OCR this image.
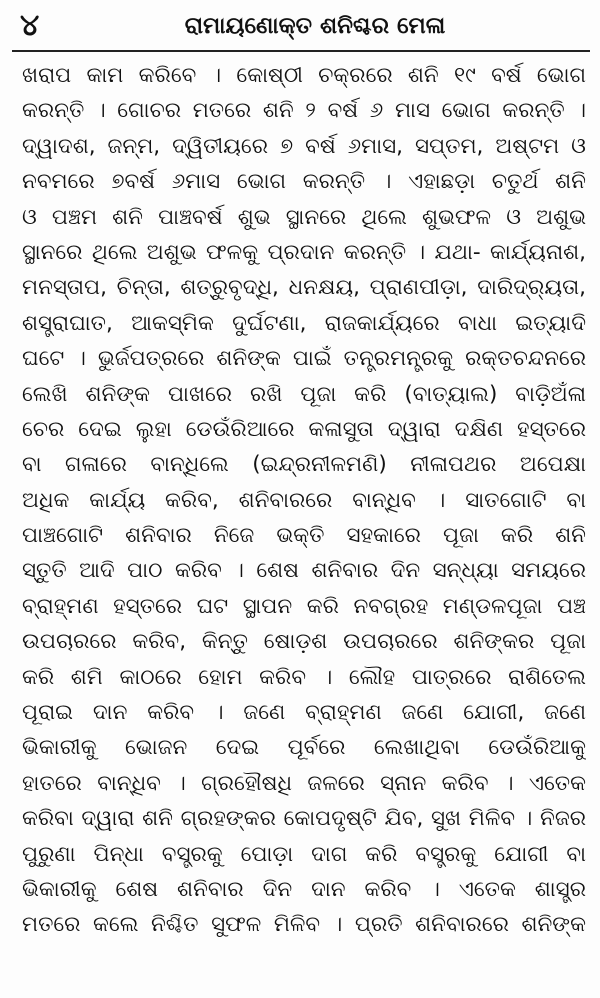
୪	ରାମାୟଣୋକ୍ତ ଶନିଶ୍ଚର ମେଳା
ଖରାପ କାମ କରିବେ । କୋଷ୍ଠୀ ଚକ୍ରରେ ଶନି ୧୯ ବର୍ଷ ଭୋଗ
କରନ୍ତି । ଗୋଚର ମତରେ ଶନି ୨ ବର୍ଷ ୬ ମାସ ଭୋଗ କରନ୍ତି ।
ଦ୍ୱାଦଶ, ଜନ୍ମ, ଦ୍ୱିତୀୟରେ ୭ ବର୍ଷ ୬ମାସ, ସପ୍ତମ, ଅଷ୍ଟମ ଓ
ନବମରେ ୭ବର୍ଷ ୬ମାସ ଭୋଗ କରନ୍ତି । ଏହାଛଡ଼ା ଚତୁର୍ଥ ଶନି
ଓ ପଞ୍ଚମ ଶନି ପାଞ୍ଚବର୍ଷ ଶୁଭ ସ୍ଥାନରେ ଥିଲେ ଶୁଭଫଳ ଓ ଅଶୁଭ
ସ୍ଥାନରେ ଥିଲେ ଅଶୁଭ ଫଳକୁ ପ୍ରଦାନ କରନ୍ତି । ଯଥା- କାର୍ଯ୍ୟନାଶ,
ମନସ୍ତାପ, ଚିନ୍ତା, ଶତ୍ରୁବୃଦ୍ଧି, ଧନକ୍ଷୟ, ପ୍ରାଣପୀଡ଼ା, ଦାରିଦ୍ର୍ୟତା,
ଶସ୍ତ୍ରାଘାତ, ଆକସ୍ମିକ ଦୁର୍ଘଟଣା, ରାଜକାର୍ଯ୍ୟରେ ବାଧା ଇତ୍ୟାଦି
ଘଟେ । ଭୁର୍ଜପତ୍ରରେ ଶନିଙ୍କ ପାଇଁ ତନ୍ତ୍ରମନ୍ତ୍ରକୁ ରକ୍ତଚନ୍ଦନରେ
ଲେଖି ଶନିଙ୍କ ପାଖରେ ରଖି ପୂଜା କରି (ବାତ୍ୟାଲ) ବାଡ଼ିଅଁଳା
ଚେର ଦେଇ ଲୁହା ଡେଉଁରିଆରେ କଳାସୁତା ଦ୍ୱାରା ଦକ୍ଷିଣ ହସ୍ତରେ
ବା ଗଳାରେ ବାନ୍ଧିଲେ (ଇନ୍ଦ୍ରନୀଳମଣି) ନୀଳାପଥର ଅପେକ୍ଷା
ଅଧିକ କାର୍ଯ୍ୟ କରିବ, ଶନିବାରରେ ବାନ୍ଧିବ । ସାତଗୋଟି ବା
ପାଞ୍ଚଗୋଟି ଶନିବାର ନିଜେ ଭକ୍ତି ସହକାରେ ପୂଜା କରି ଶନି
ସ୍ତୁତି ଆଦି ପାଠ କରିବ । ଶେଷ ଶନିବାର ଦିନ ସନ୍ଧ୍ୟା ସମୟରେ
ବ୍ରାହ୍ମଣ ହସ୍ତରେ ଘଟ ସ୍ଥାପନ କରି ନବଗ୍ରହ ମଣ୍ଡଳପୂଜା ପଞ୍ଚ
ଉପଚାରରେ କରିବ, କିନ୍ତୁ ଷୋଡ଼ଶ ଉପଚାରରେ ଶନିଙ୍କର ପୂଜା
କରି ଶମି କାଠରେ ହୋମ କରିବ । ଲୌହ ପାତ୍ରରେ ରାଶିତେଲ
ପୂରାଇ ଦାନ କରିବ । ଜଣେ ବ୍ରାହ୍ମଣ ଜଣେ ଯୋଗୀ, ଜଣେ
ଭିକାରୀକୁ ଭୋଜନ ଦେଇ ପୂର୍ବରେ ଲେଖାଥିବା ଡେଉଁରିଆକୁ
ହାତରେ ବାନ୍ଧିବ । ଗ୍ରହୌଷଧି ଜଳରେ ସ୍ନାନ କରିବ । ଏତେକ
କରିବା ଦ୍ୱାରା ଶନି ଗ୍ରହଙ୍କର କୋପଦୃଷ୍ଟି ଯିବ, ସୁଖ ମିଳିବ । ନିଜର
ପୁରୁଣା ପିନ୍ଧା ବସ୍ତ୍ରକୁ ପୋଡ଼ା ଦାଗ କରି ବସ୍ତ୍ରକୁ ଯୋଗୀ ବା
ଭିକାରୀକୁ ଶେଷ ଶନିବାର ଦିନ ଦାନ କରିବ । ଏତେକ ଶାସ୍ତ୍ର
ମତରେ କଲେ ନିଶ୍ଚିତ ସୁଫଳ ମିଳିବ । ପ୍ରତି ଶନିବାରରେ ଶନିଙ୍କ
